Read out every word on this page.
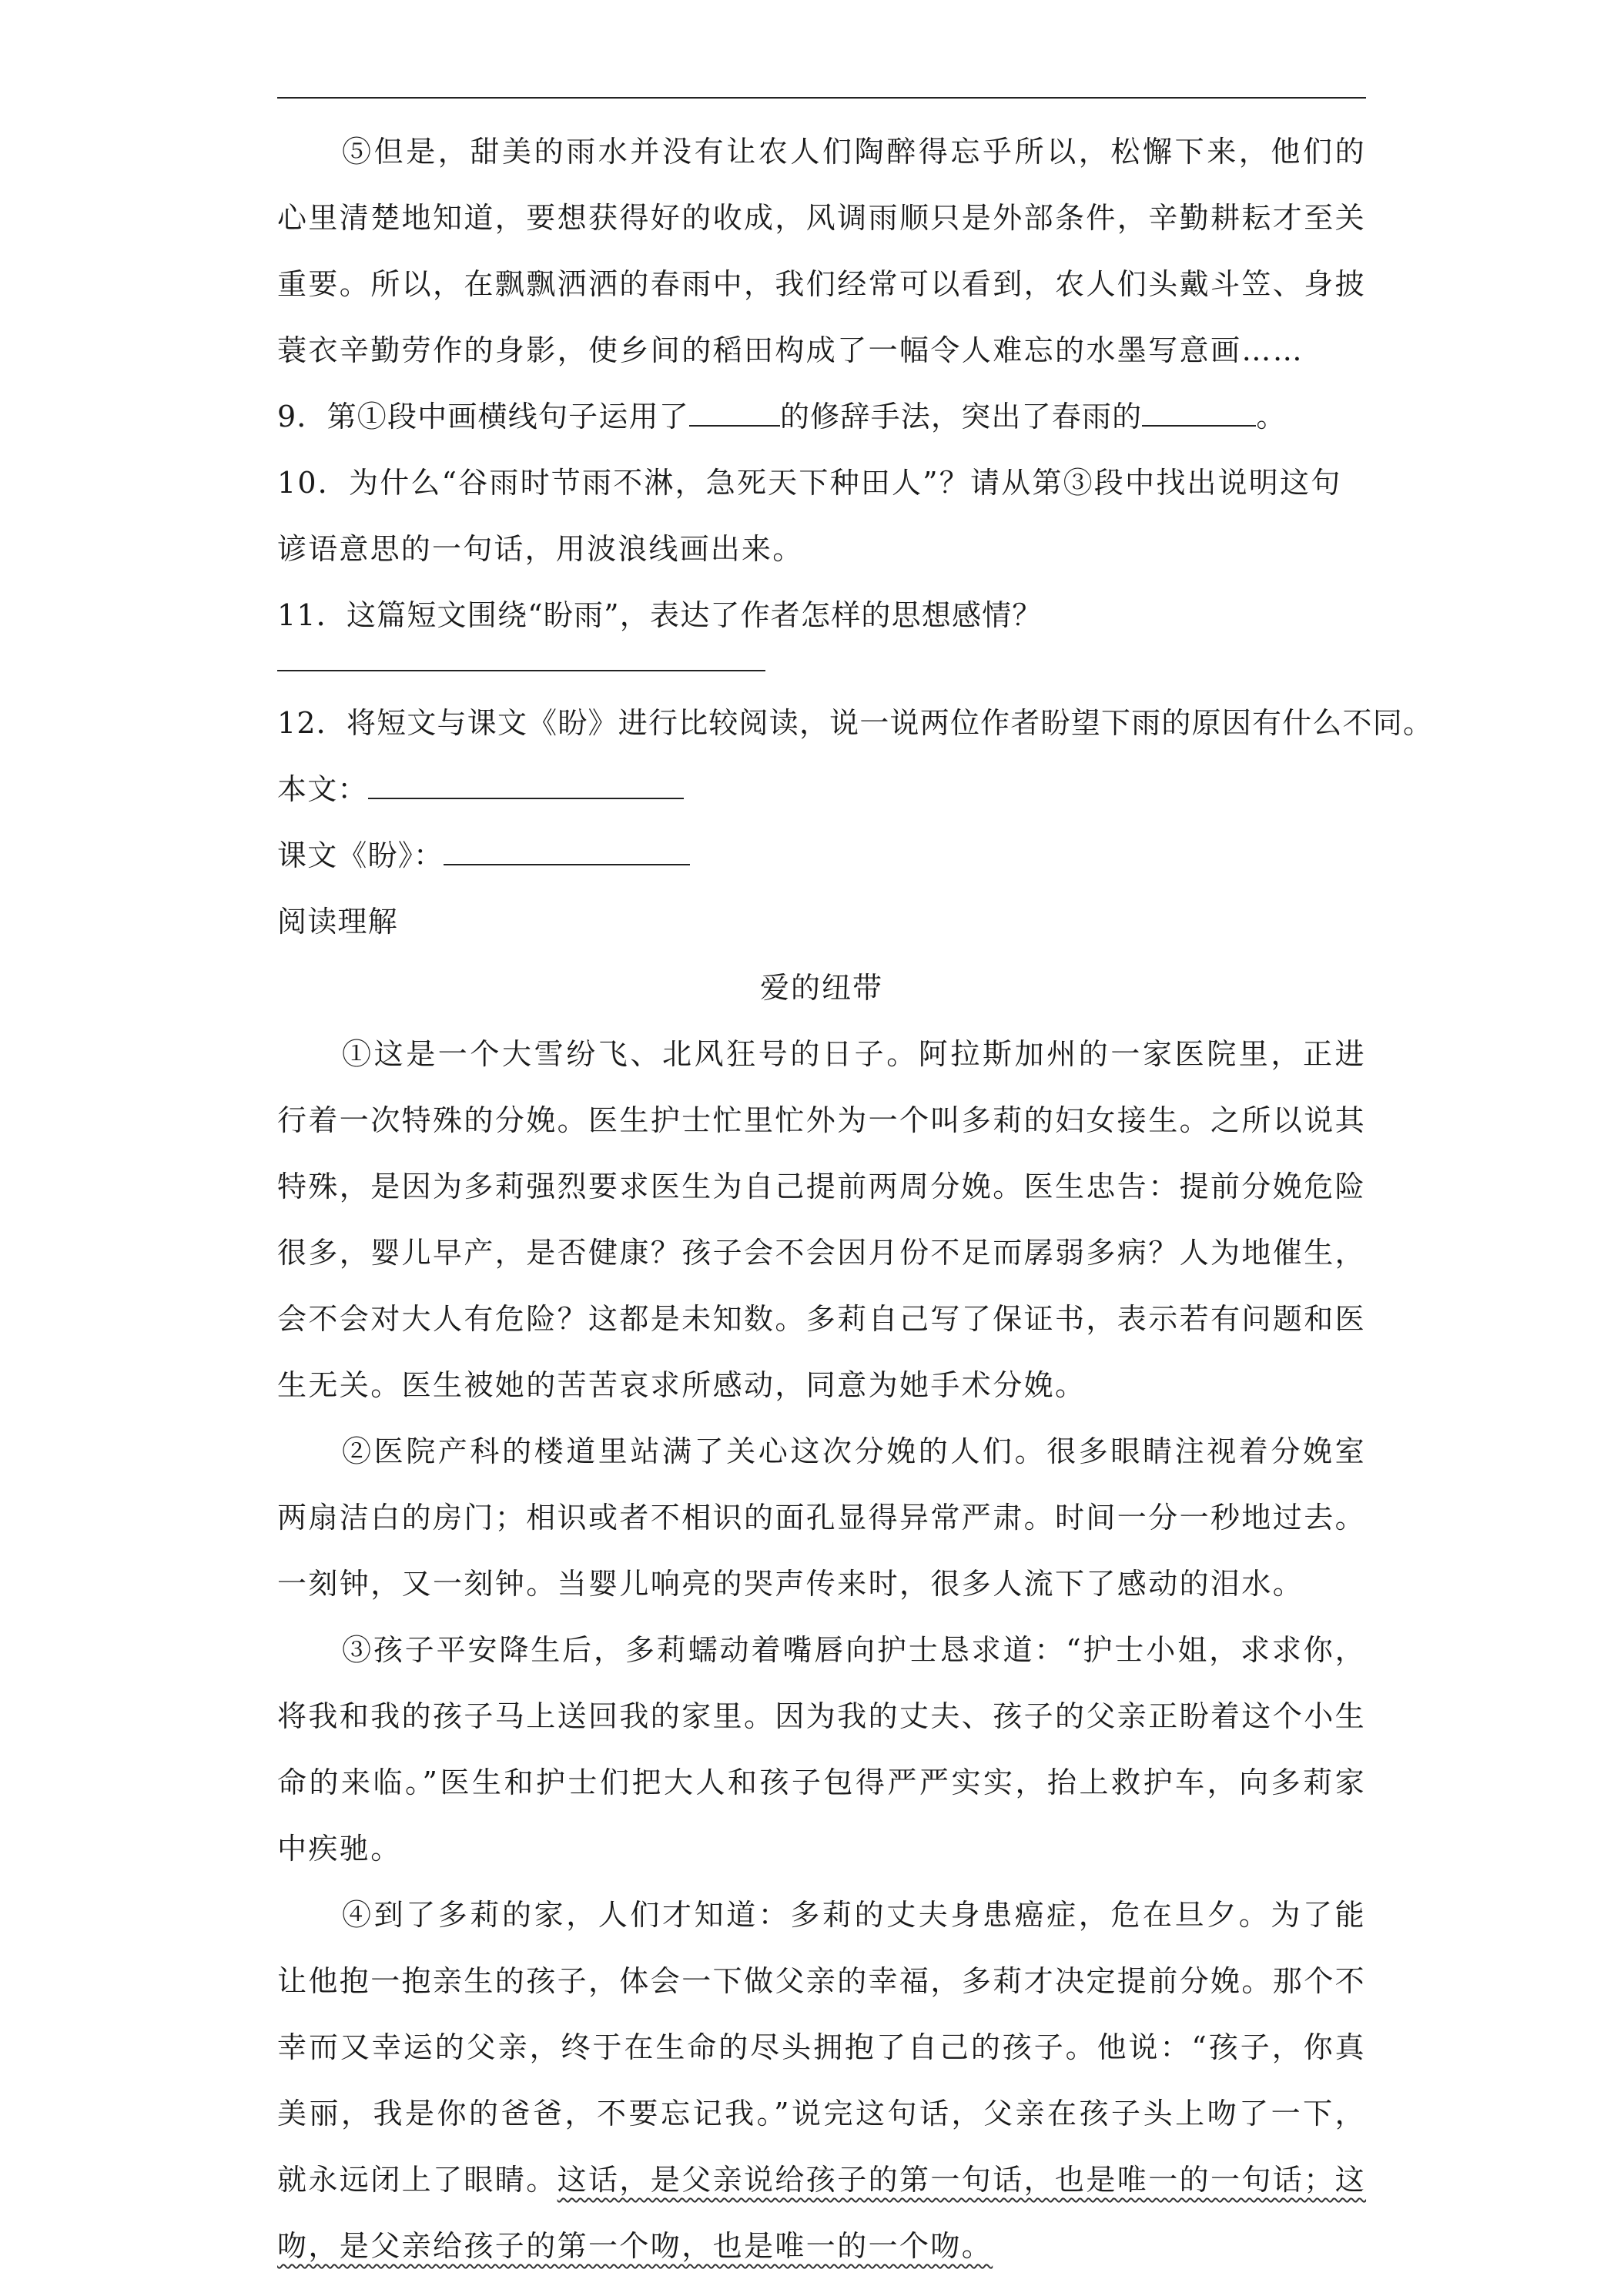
⑤但是，甜美的雨水并没有让农人们陶醉得忘乎所以，松懈下来，他们的心里清楚地知道，要想获得好的收成，风调雨顺只是外部条件，辛勤耕耘才至关重要。所以，在飘飘洒洒的春雨中，我们经常可以看到，农人们头戴斗笠、身披蓑衣辛勤劳作的身影，使乡间的稻田构成了一幅令人难忘的水墨写意画……

9．第①段中画横线句子运用了	的修辞手法，突出了春雨的	。

10．为什么“谷雨时节雨不淋，急死天下种田人”？请从第③段中找出说明这句谚语意思的一句话，用波浪线画出来。

11．这篇短文围绕“盼雨”，表达了作者怎样的思想感情？

12．将短文与课文《盼》进行比较阅读，说一说两位作者盼望下雨的原因有什么不同。

本文：

课文《盼》：

阅读理解

爱的纽带

①这是一个大雪纷飞、北风狂号的日子。阿拉斯加州的一家医院里，正进行着一次特殊的分娩。医生护士忙里忙外为一个叫多莉的妇女接生。之所以说其特殊，是因为多莉强烈要求医生为自己提前两周分娩。医生忠告：提前分娩危险很多，婴儿早产，是否健康？孩子会不会因月份不足而孱弱多病？人为地催生，会不会对大人有危险？这都是未知数。多莉自己写了保证书，表示若有问题和医生无关。医生被她的苦苦哀求所感动，同意为她手术分娩。

②医院产科的楼道里站满了关心这次分娩的人们。很多眼睛注视着分娩室两扇洁白的房门；相识或者不相识的面孔显得异常严肃。时间一分一秒地过去。一刻钟，又一刻钟。当婴儿响亮的哭声传来时，很多人流下了感动的泪水。

③孩子平安降生后，多莉蠕动着嘴唇向护士恳求道：“护士小姐，求求你，将我和我的孩子马上送回我的家里。因为我的丈夫、孩子的父亲正盼着这个小生命的来临。”医生和护士们把大人和孩子包得严严实实，抬上救护车，向多莉家中疾驰。

④到了多莉的家，人们才知道：多莉的丈夫身患癌症，危在旦夕。为了能让他抱一抱亲生的孩子，体会一下做父亲的幸福，多莉才决定提前分娩。那个不幸而又幸运的父亲，终于在生命的尽头拥抱了自己的孩子。他说：“孩子，你真美丽，我是你的爸爸，不要忘记我。”说完这句话，父亲在孩子头上吻了一下，就永远闭上了眼睛。这话，是父亲说给孩子的第一句话，也是唯一的一句话；这吻，是父亲给孩子的第一个吻，也是唯一的一个吻。
